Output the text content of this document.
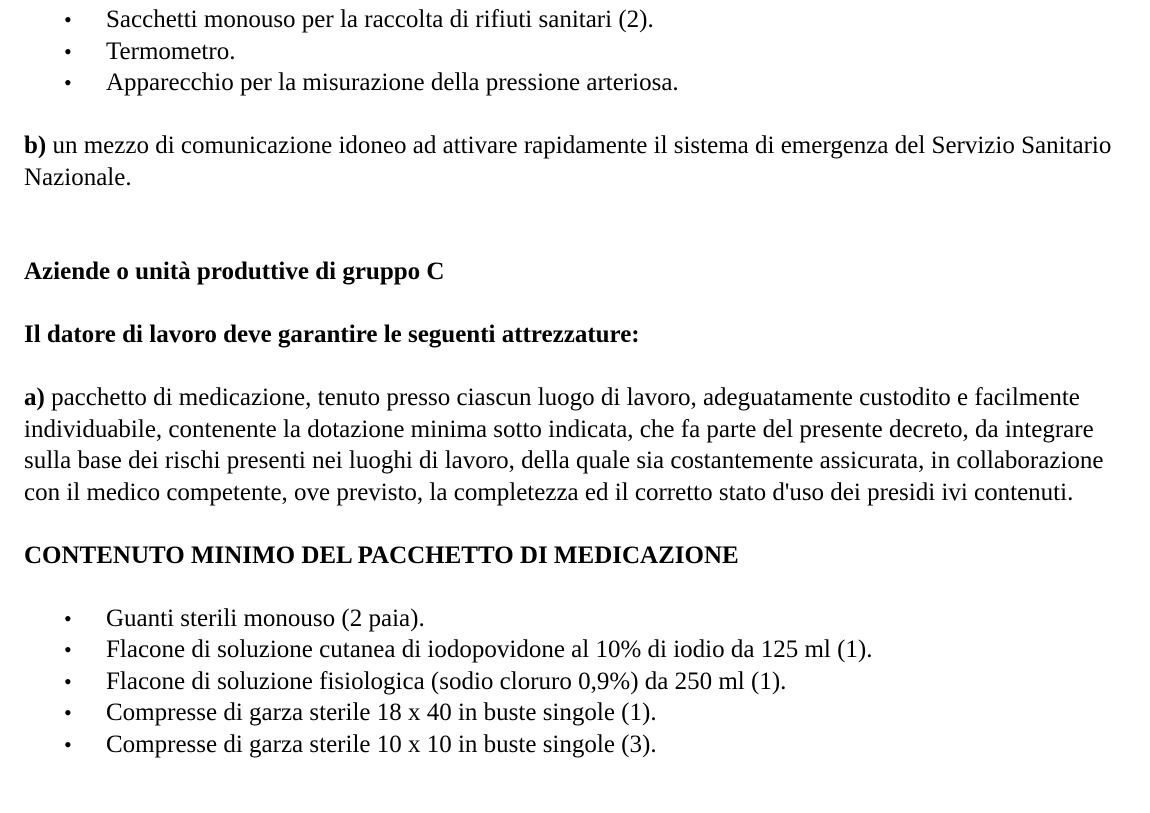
• Sacchetti monouso per la raccolta di rifiuti sanitari (2).
• Termometro.
• Apparecchio per la misurazione della pressione arteriosa.

b) un mezzo di comunicazione idoneo ad attivare rapidamente il sistema di emergenza del Servizio Sanitario Nazionale.

Aziende o unità produttive di gruppo C

Il datore di lavoro deve garantire le seguenti attrezzature:

a) pacchetto di medicazione, tenuto presso ciascun luogo di lavoro, adeguatamente custodito e facilmente individuabile, contenente la dotazione minima sotto indicata, che fa parte del presente decreto, da integrare sulla base dei rischi presenti nei luoghi di lavoro, della quale sia costantemente assicurata, in collaborazione con il medico competente, ove previsto, la completezza ed il corretto stato d'uso dei presidi ivi contenuti.

CONTENUTO MINIMO DEL PACCHETTO DI MEDICAZIONE

• Guanti sterili monouso (2 paia).
• Flacone di soluzione cutanea di iodopovidone al 10% di iodio da 125 ml (1).
• Flacone di soluzione fisiologica (sodio cloruro 0,9%) da 250 ml (1).
• Compresse di garza sterile 18 x 40 in buste singole (1).
• Compresse di garza sterile 10 x 10 in buste singole (3).
